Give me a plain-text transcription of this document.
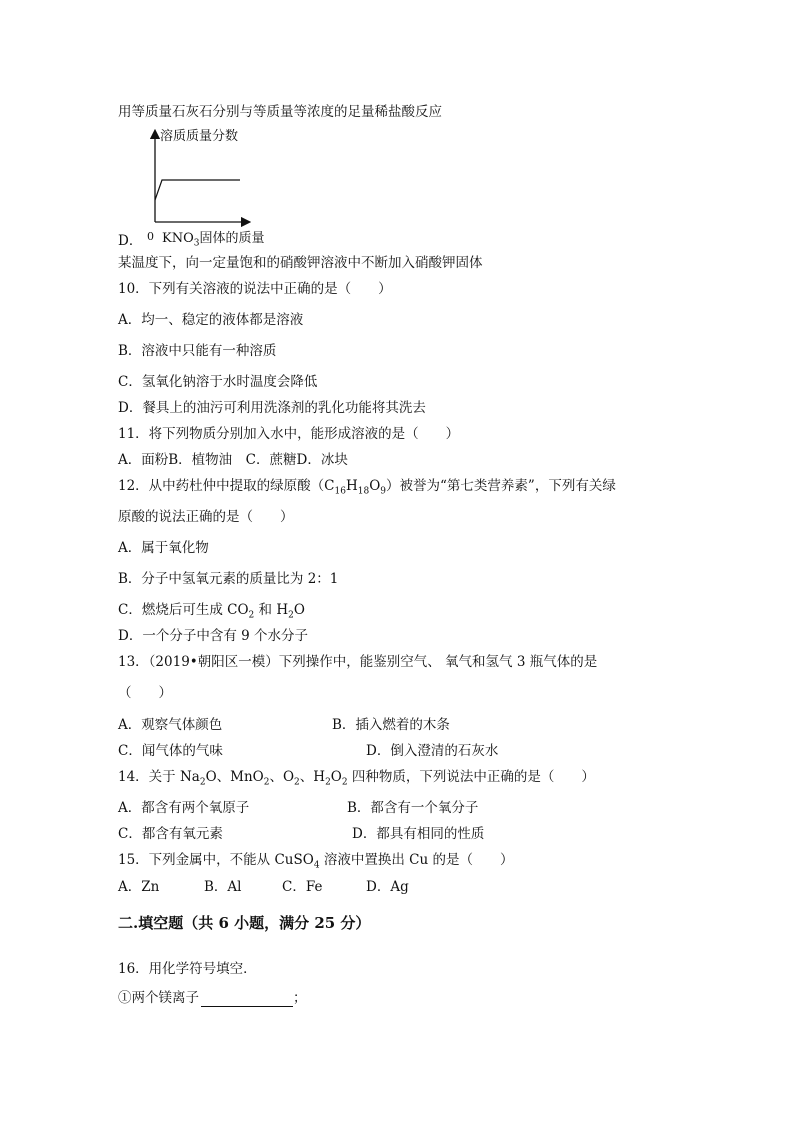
用等质量石灰石分别与等质量等浓度的足量稀盐酸反应
溶质质量分数
0
D． $KNO_3$固体的质量
某温度下，向一定量饱和的硝酸钾溶液中不断加入硝酸钾固体
10．下列有关溶液的说法中正确的是（　　）
A．均一、稳定的液体都是溶液
B．溶液中只能有一种溶质
C．氢氧化钠溶于水时温度会降低
D．餐具上的油污可利用洗涤剂的乳化功能将其洗去
11．将下列物质分别加入水中，能形成溶液的是（　　）
A．面粉B．植物油　C．蔗糖D．冰块
12．从中药杜仲中提取的绿原酸$(C_{16}H_{18}O_9)$被誉为“第七类营养素”，下列有关绿
原酸的说法正确的是（　　）
A．属于氧化物
B．分子中氢氧元素的质量比为 2：1
C．燃烧后可生成 $CO_2$ 和 $H_2O$
D．一个分子中含有 9 个水分子
13．（2019•朝阳区一模）下列操作中，能鉴别空气、 氧气和氢气 3 瓶气体的是
（　　）
A．观察气体颜色	B．插入燃着的木条
C．闻气体的气味	D．倒入澄清的石灰水
14．关于 $Na_2O$、MnO$_2$、$O_2$、$H_2O_2$ 四种物质，下列说法中正确的是（　　）
A．都含有两个氧原子	B．都含有一个氧分子
C．都含有氧元素	D．都具有相同的性质
15．下列金属中，不能从 CuSO$_4$ 溶液中置换出 Cu 的是（　　）
A．Zn	B．Al	C．Fe	D．Ag
二.填空题（共 6 小题，满分 25 分）
16．用化学符号填空．
①两个镁离子	；
